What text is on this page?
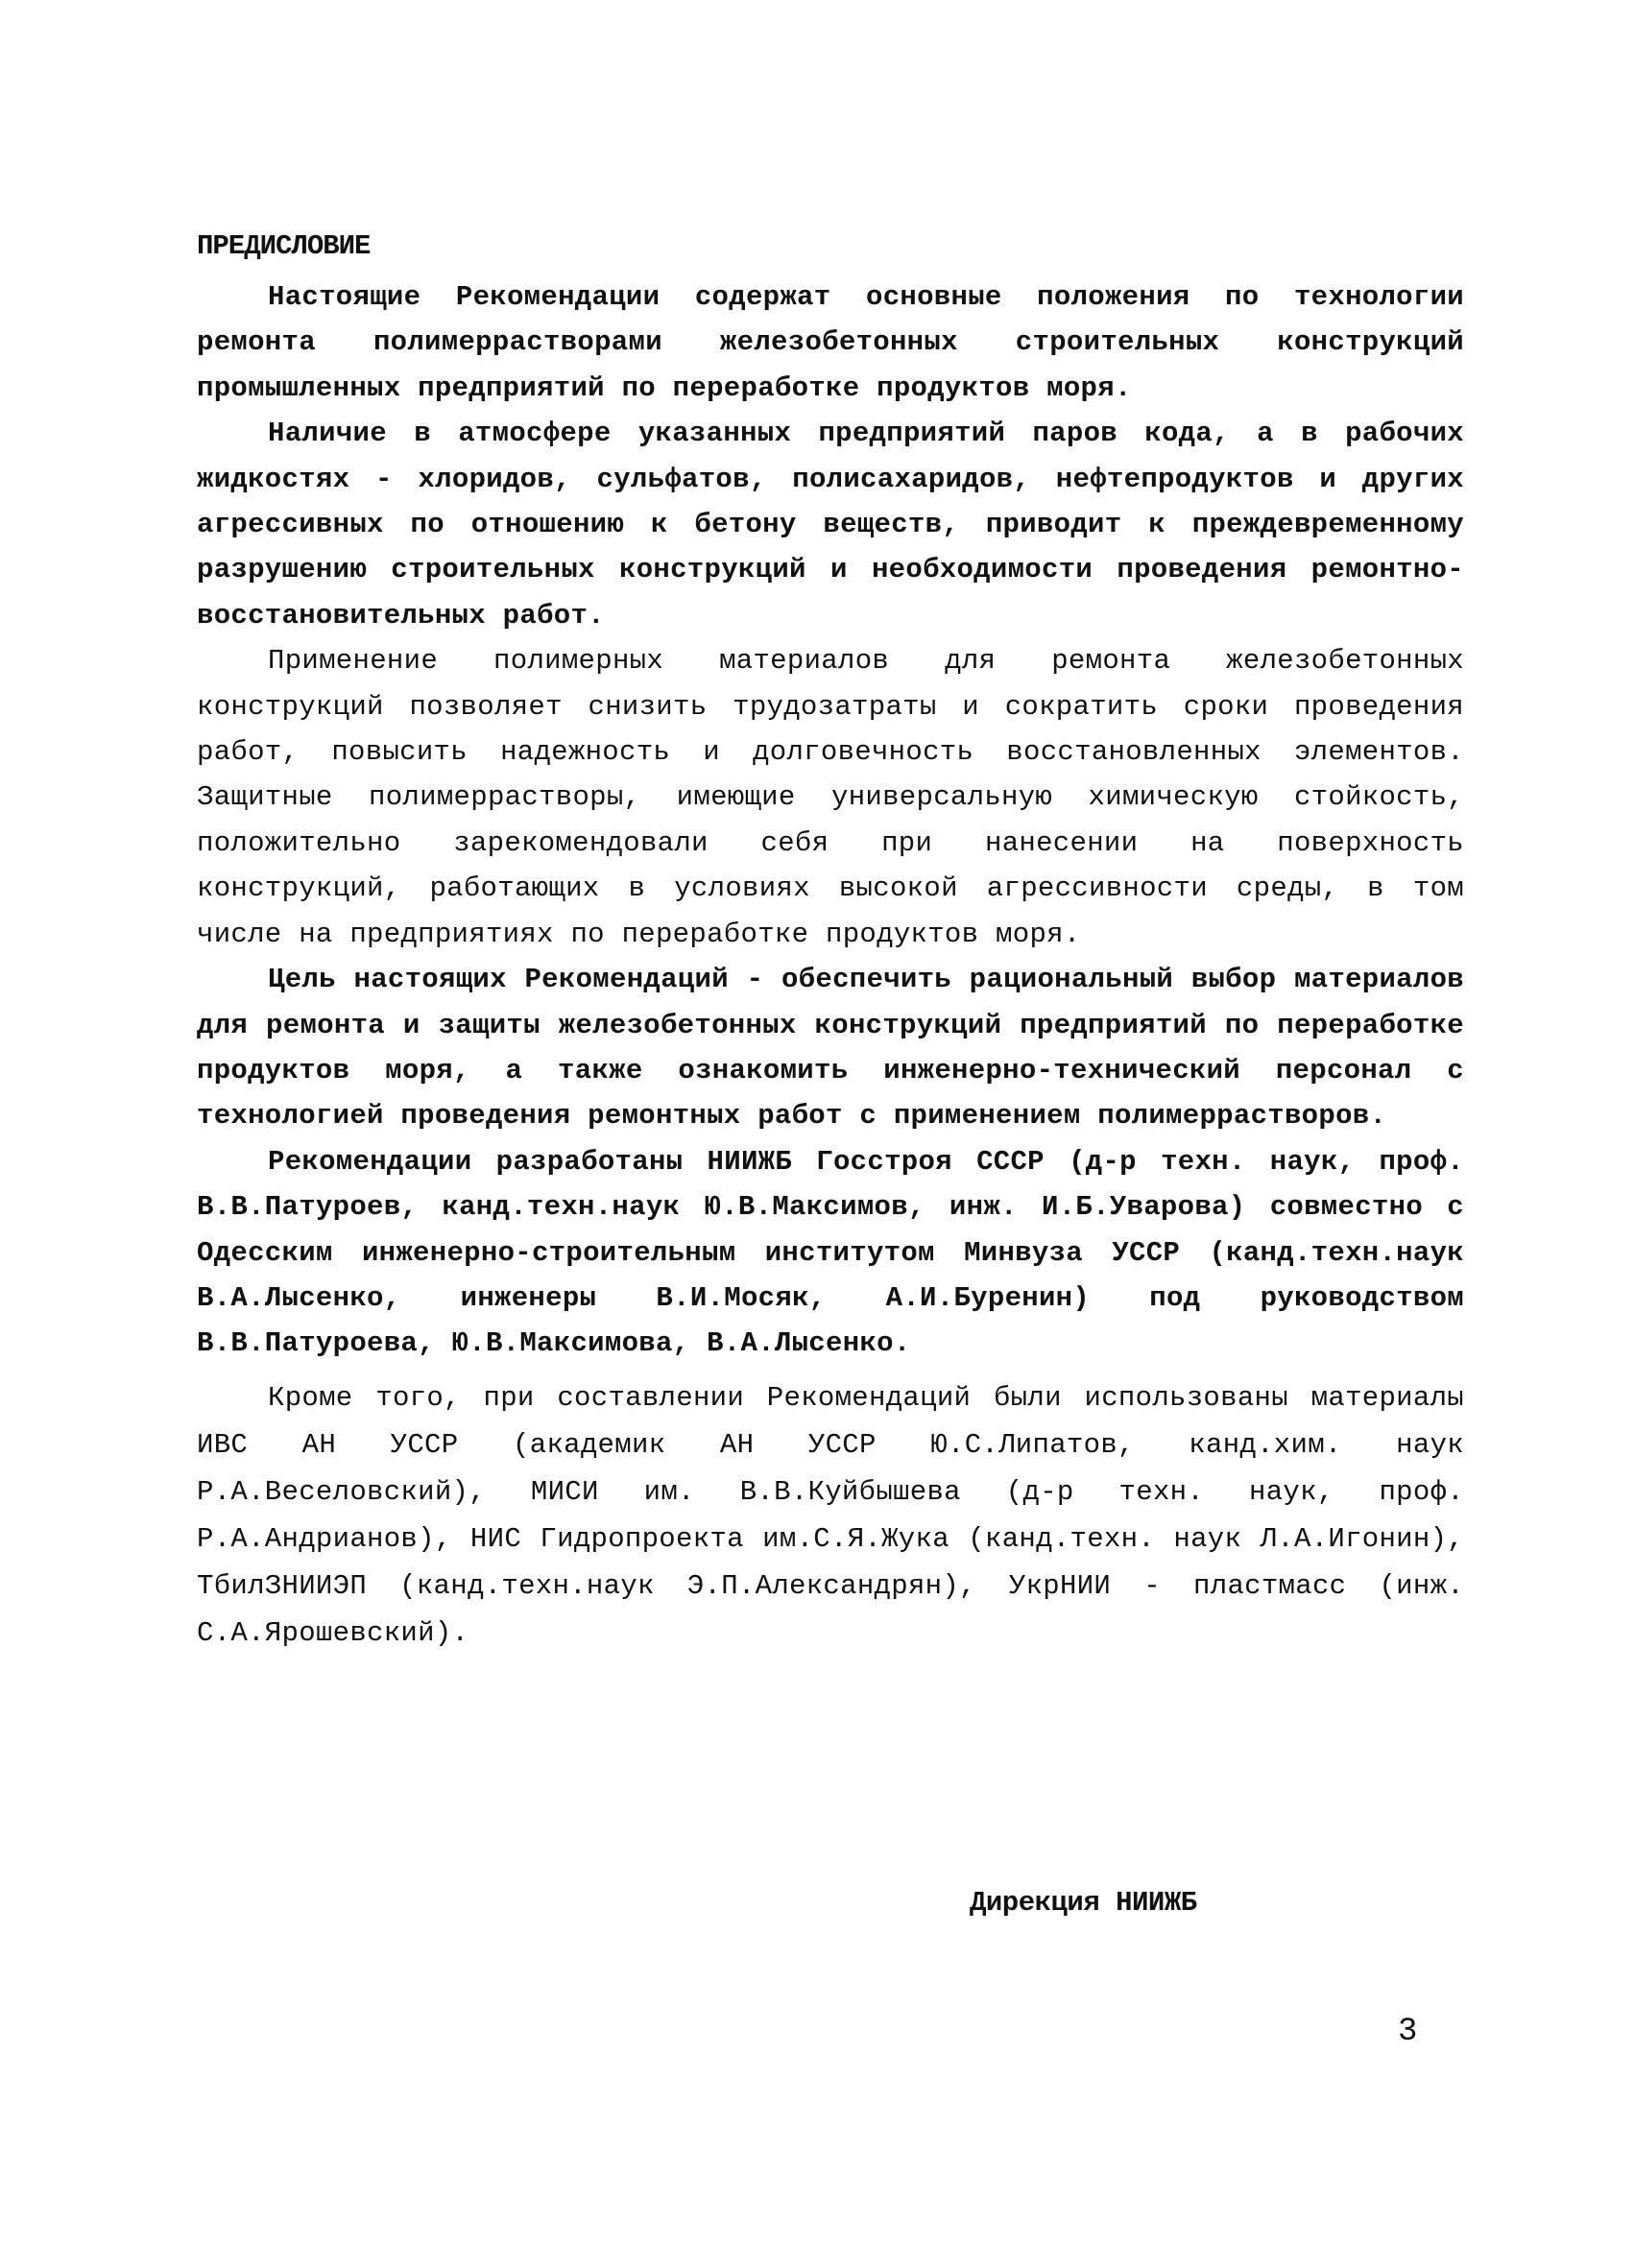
ПРЕДИСЛОВИЕ

Настоящие Рекомендации содержат основные положения по технологии ремонта полимеррастворами железобетонных строительных конструкций промышленных предприятий по переработке продуктов моря.

Наличие в атмосфере указанных предприятий паров кода, а в рабочих жидкостях - хлоридов, сульфатов, полисахаридов, нефтепродуктов и других агрессивных по отношению к бетону веществ, приводит к преждевременному разрушению строительных конструкций и необходимости проведения ремонтно-восстановительных работ.

Применение полимерных материалов для ремонта железобетонных конструкций позволяет снизить трудозатраты и сократить сроки проведения работ, повысить надежность и долговечность восстановленных элементов. Защитные полимеррастворы, имеющие универсальную химическую стойкость, положительно зарекомендовали себя при нанесении на поверхность конструкций, работающих в условиях высокой агрессивности среды, в том числе на предприятиях по переработке продуктов моря.

Цель настоящих Рекомендаций - обеспечить рациональный выбор материалов для ремонта и защиты железобетонных конструкций предприятий по переработке продуктов моря, а также ознакомить инженерно-технический персонал с технологией проведения ремонтных работ с применением полимеррастворов.

Рекомендации разработаны НИИЖБ Госстроя СССР (д-р техн. наук, проф. В.В.Патуроев, канд.техн.наук Ю.В.Максимов, инж. И.Б.Уварова) совместно с Одесским инженерно-строительным институтом Минвуза УССР (канд.техн.наук В.А.Лысенко, инженеры В.И.Мосяк, А.И.Буренин) под руководством В.В.Патуроева, Ю.В.Максимова, В.А.Лысенко.

Кроме того, при составлении Рекомендаций были использованы материалы ИВС АН УССР (академик АН УССР Ю.С.Липатов, канд.хим. наук Р.А.Веселовский), МИСИ им. В.В.Куйбышева (д-р техн. наук, проф. Р.А.Андрианов), НИС Гидропроекта им.С.Я.Жука (канд.техн. наук Л.А.Игонин), ТбилЗНИИЭП (канд.техн.наук Э.П.Александрян), УкрНИИ - пластмасс (инж. С.А.Ярошевский).

Дирекция НИИЖБ
3
